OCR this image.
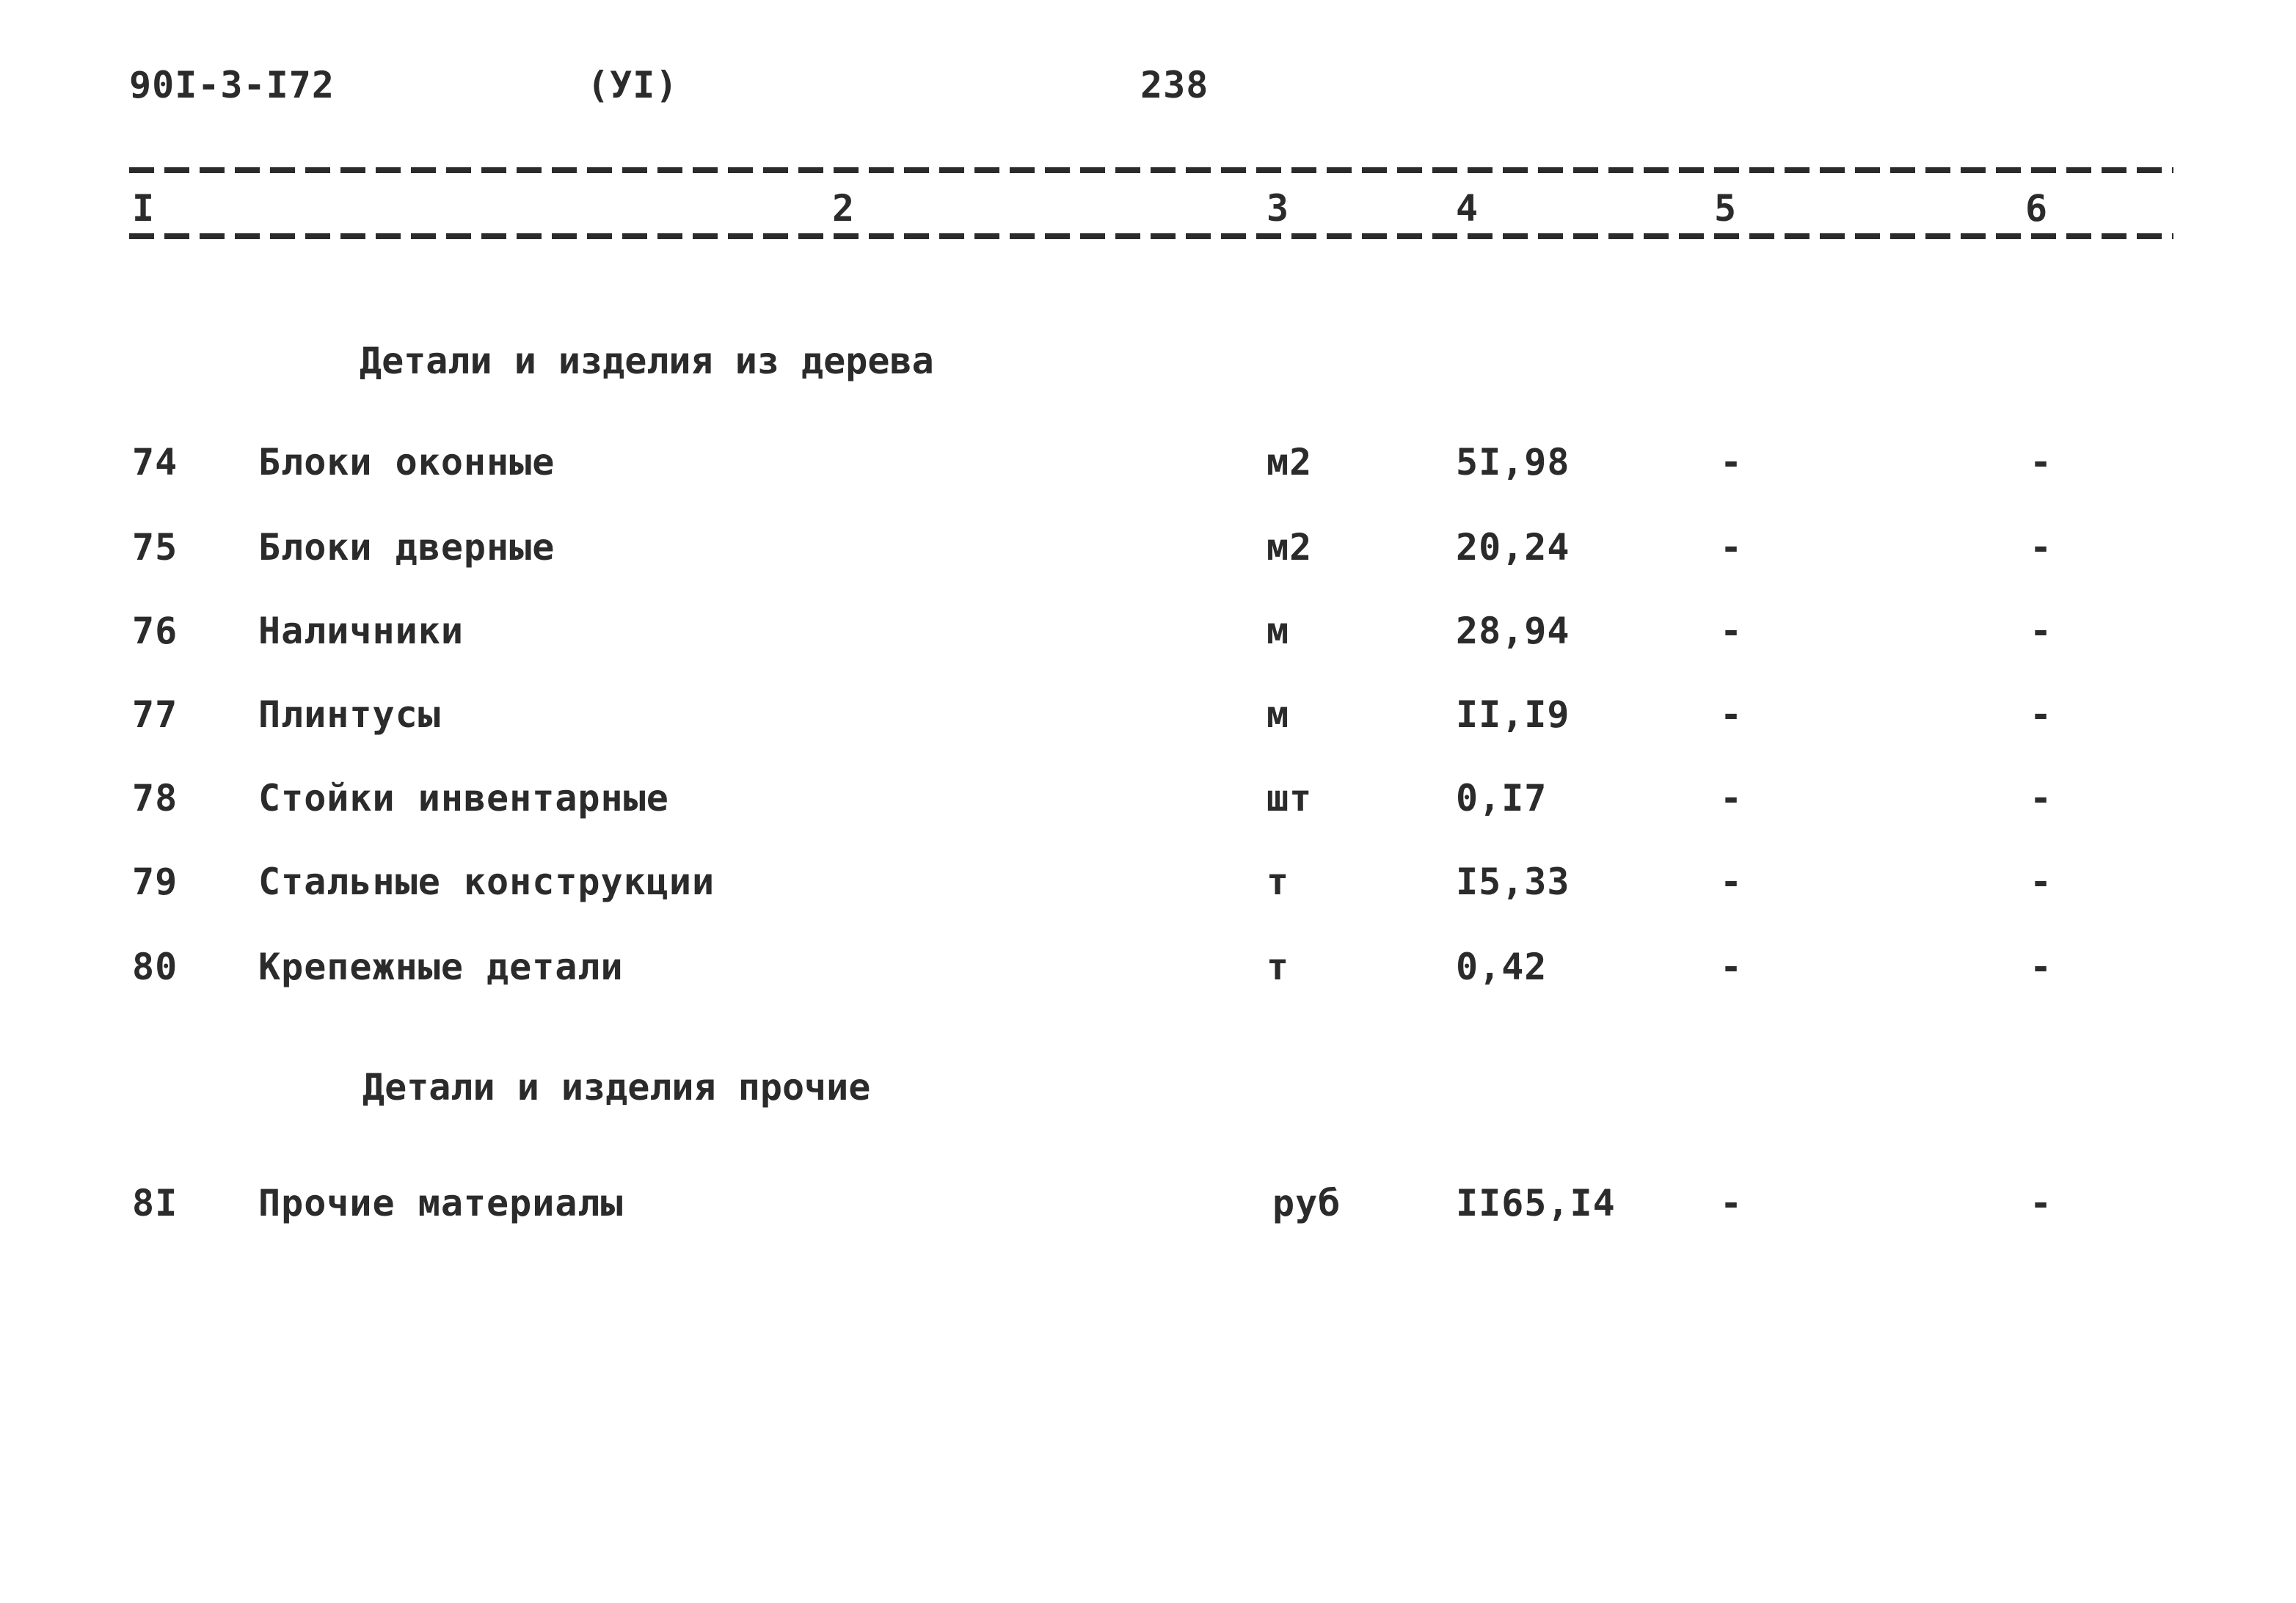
90I-3-I72	(УI)	238
I	2	3	4	5	6
Детали и изделия из дерева
74 Блоки оконные	м2	5I,98	-	-
75 Блоки дверные	м2	20,24	-	-
76 Наличники	м	28,94	-	-
77 Плинтусы	м	II,I9	-	-
78 Стойки инвентарные	шт	0,I7	-	-
79 Стальные конструкции	т	I5,33	-	-
80 Крепежные детали	т	0,42	-	-
Детали и изделия прочие
8I Прочие материалы	руб	II65,I4	-	-
